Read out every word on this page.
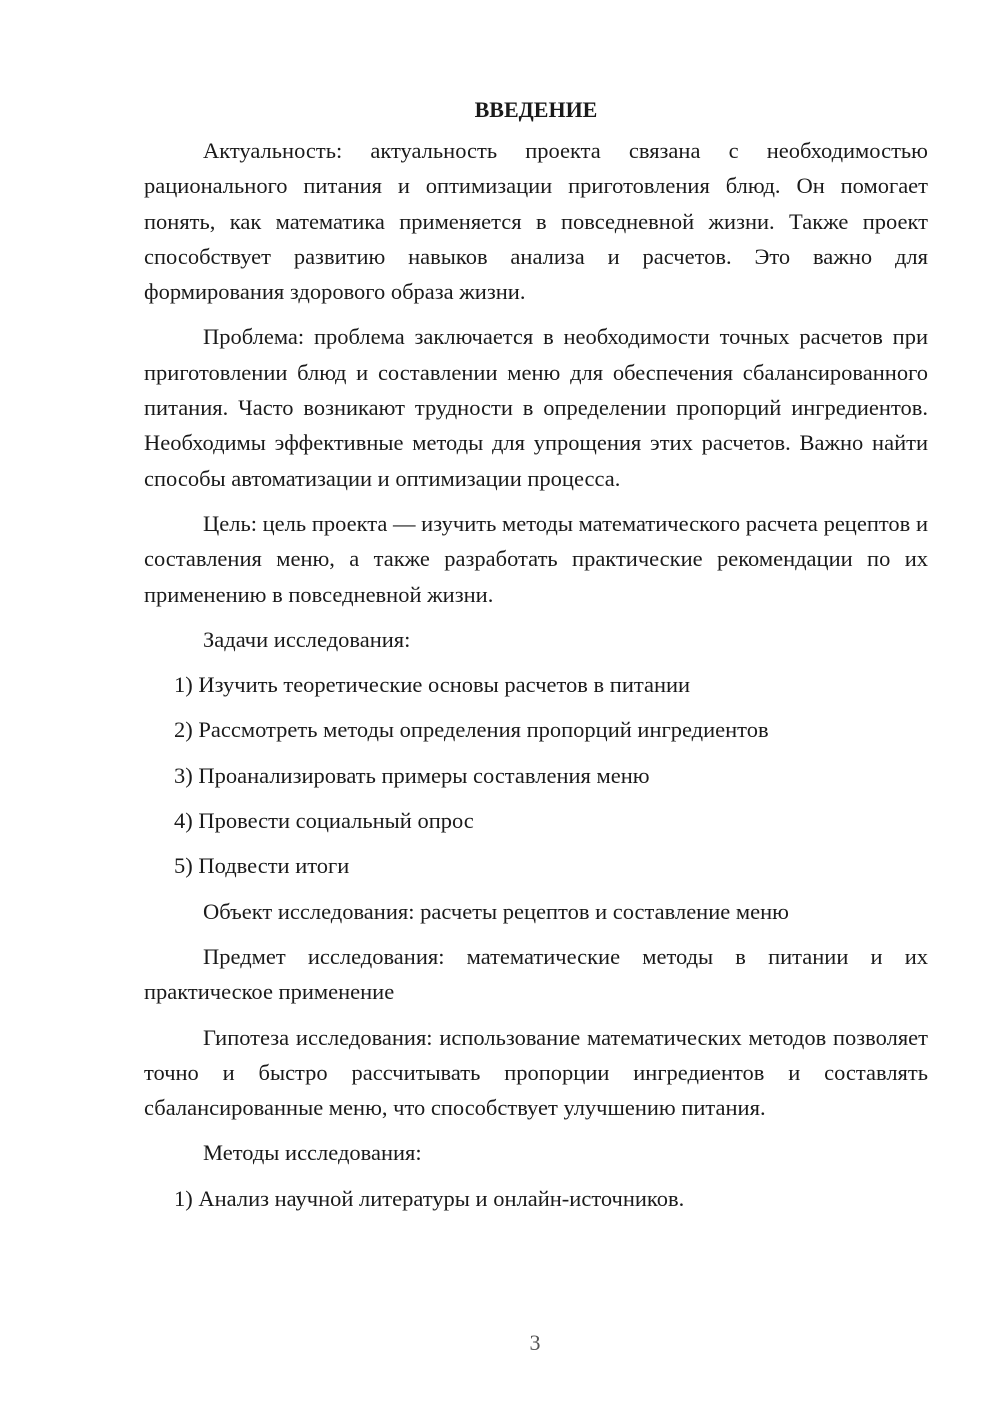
ВВЕДЕНИЕ

Актуальность: актуальность проекта связана с необходимостью рационального питания и оптимизации приготовления блюд. Он помогает понять, как математика применяется в повседневной жизни. Также проект способствует развитию навыков анализа и расчетов. Это важно для формирования здорового образа жизни.

Проблема: проблема заключается в необходимости точных расчетов при приготовлении блюд и составлении меню для обеспечения сбалансированного питания. Часто возникают трудности в определении пропорций ингредиентов. Необходимы эффективные методы для упрощения этих расчетов. Важно найти способы автоматизации и оптимизации процесса.

Цель: цель проекта — изучить методы математического расчета рецептов и составления меню, а также разработать практические рекомендации по их применению в повседневной жизни.

Задачи исследования:

1) Изучить теоретические основы расчетов в питании

2) Рассмотреть методы определения пропорций ингредиентов

3) Проанализировать примеры составления меню

4) Провести социальный опрос

5) Подвести итоги

Объект исследования: расчеты рецептов и составление меню

Предмет исследования: математические методы в питании и их практическое применение

Гипотеза исследования: использование математических методов позволяет точно и быстро рассчитывать пропорции ингредиентов и составлять сбалансированные меню, что способствует улучшению питания.

Методы исследования:

1) Анализ научной литературы и онлайн-источников.

3
